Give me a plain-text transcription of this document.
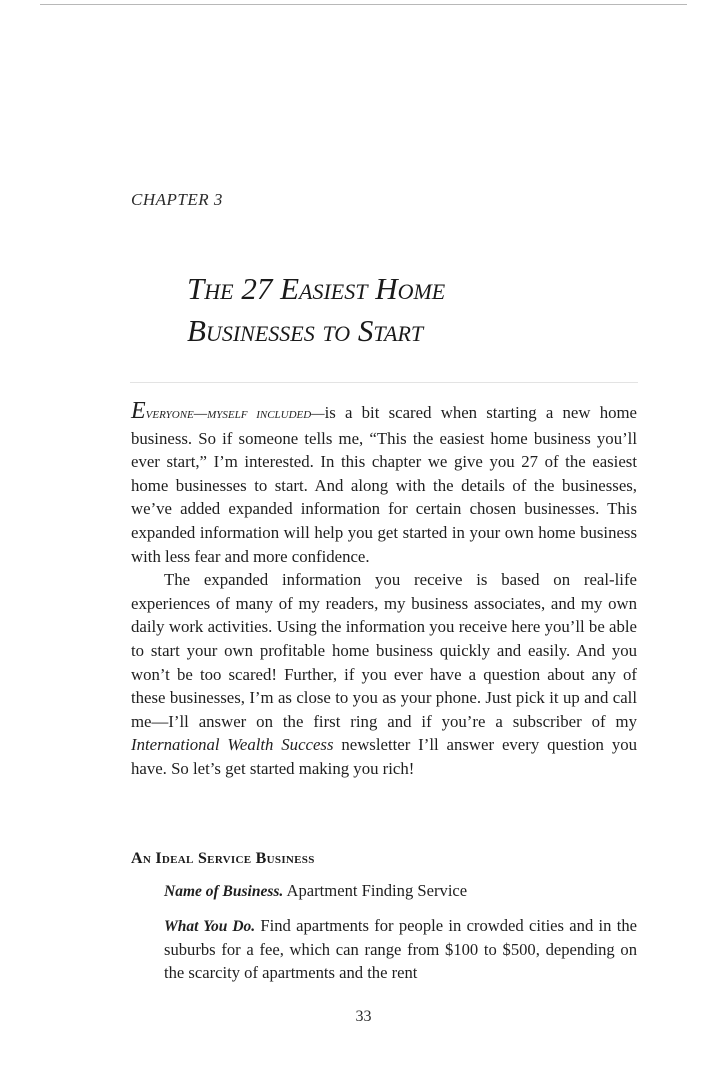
CHAPTER 3
The 27 Easiest Home
Businesses to Start

Everyone—myself included—is a bit scared when starting a new home business. So if someone tells me, “This the easiest home business you’ll ever start,” I’m interested. In this chapter we give you 27 of the easiest home businesses to start. And along with the details of the businesses, we’ve added expanded information for certain chosen businesses. This expanded information will help you get started in your own home business with less fear and more confidence.

The expanded information you receive is based on real-life experiences of many of my readers, my business associates, and my own daily work activities. Using the information you receive here you’ll be able to start your own profitable home business quickly and easily. And you won’t be too scared! Further, if you ever have a question about any of these businesses, I’m as close to you as your phone. Just pick it up and call me—I’ll answer on the first ring and if you’re a subscriber of my International Wealth Success newsletter I’ll answer every question you have. So let’s get started making you rich!

An Ideal Service Business

Name of Business. Apartment Finding Service

What You Do. Find apartments for people in crowded cities and in the suburbs for a fee, which can range from $100 to $500, depending on the scarcity of apartments and the rent

33
